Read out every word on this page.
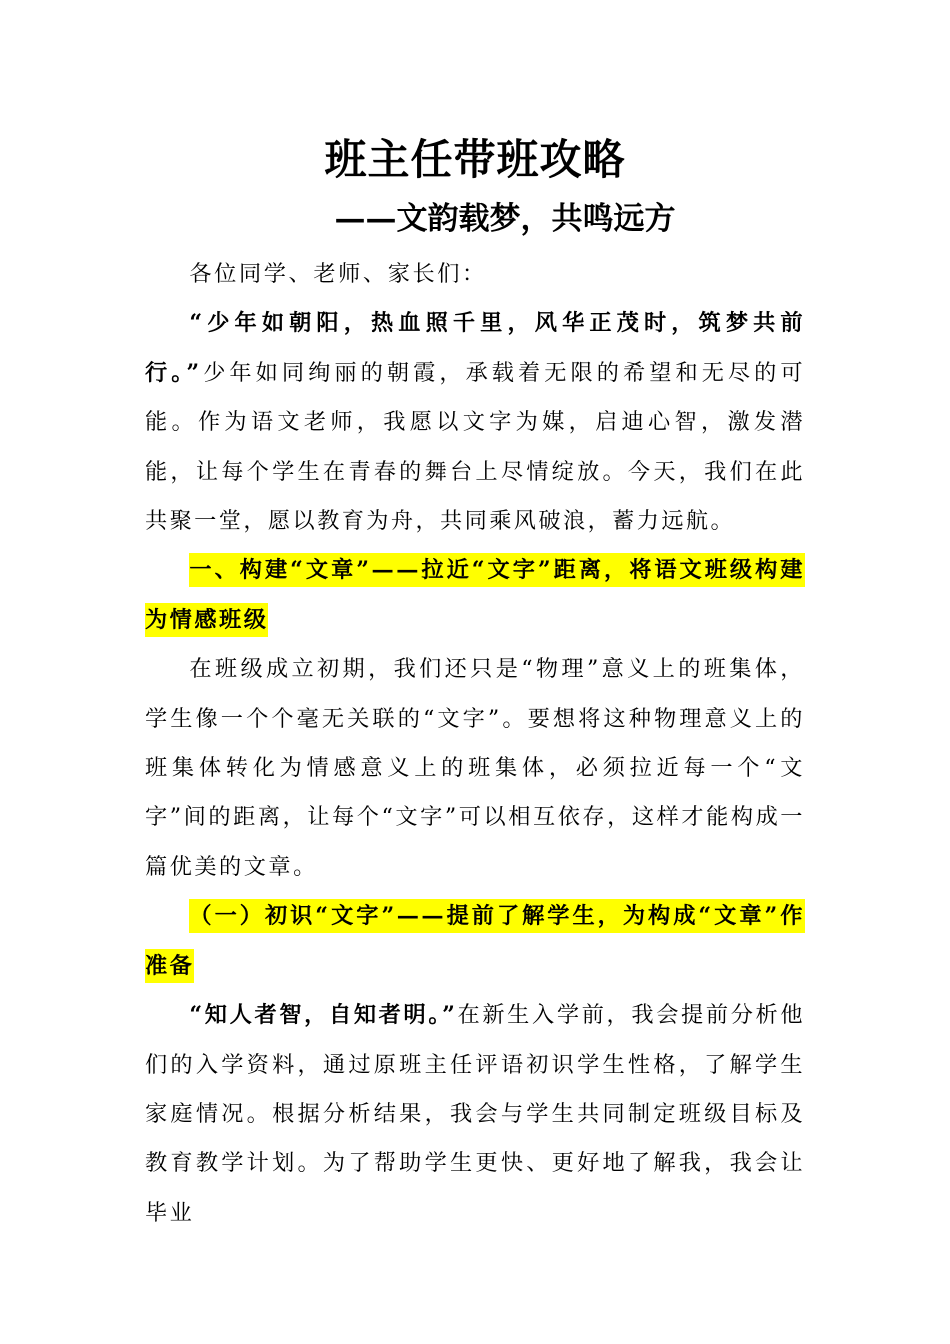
班主任带班攻略
——文韵载梦，共鸣远方

各位同学、老师、家长们：

“少年如朝阳，热血照千里，风华正茂时，筑梦共前行。”少年如同绚丽的朝霞，承载着无限的希望和无尽的可能。作为语文老师，我愿以文字为媒，启迪心智，激发潜能，让每个学生在青春的舞台上尽情绽放。今天，我们在此共聚一堂，愿以教育为舟，共同乘风破浪，蓄力远航。

一、构建“文章”——拉近“文字”距离，将语文班级构建为情感班级

在班级成立初期，我们还只是“物理”意义上的班集体，学生像一个个毫无关联的“文字”。要想将这种物理意义上的班集体转化为情感意义上的班集体，必须拉近每一个“文字”间的距离，让每个“文字”可以相互依存，这样才能构成一篇优美的文章。

（一）初识“文字”——提前了解学生，为构成“文章”作准备

“知人者智，自知者明。”在新生入学前，我会提前分析他们的入学资料，通过原班主任评语初识学生性格，了解学生家庭情况。根据分析结果，我会与学生共同制定班级目标及教育教学计划。为了帮助学生更快、更好地了解我，我会让毕业
